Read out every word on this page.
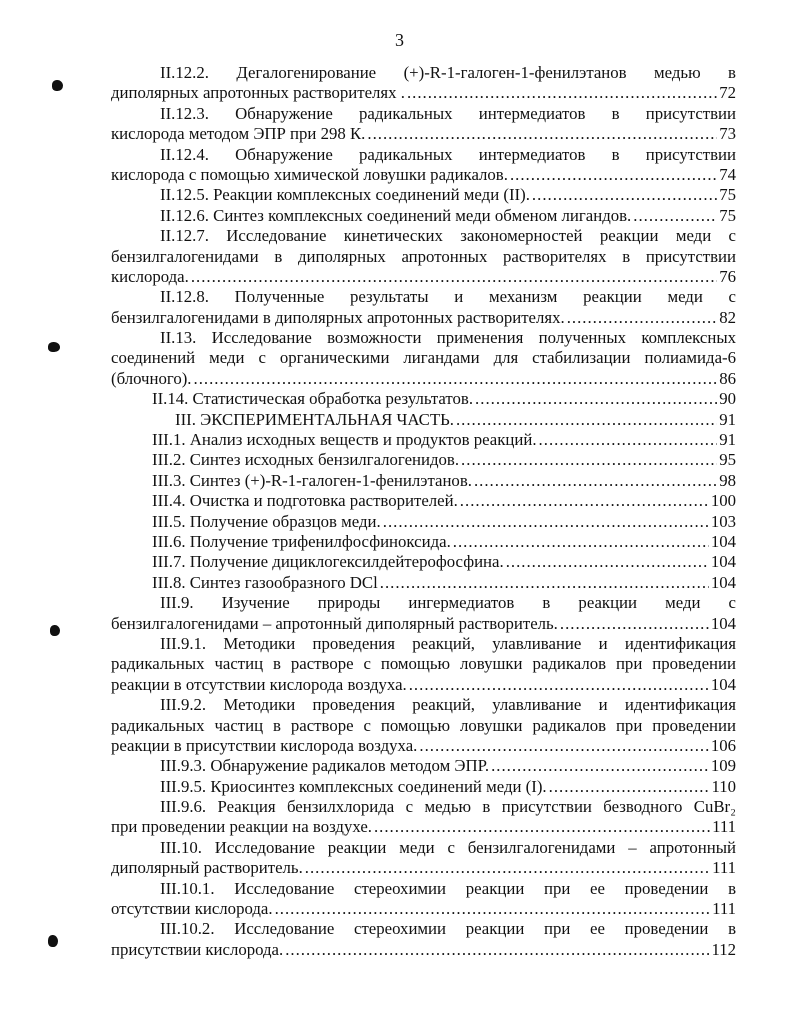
3
II.12.2. Дегалогенирование (+)-R-1-галоген-1-фенилэтанов медью в
диполярных апротонных растворителях . .....	72
II.12.3. Обнаружение радикальных интермедиатов в присутствии
кислорода методом ЭПР при 298 К. .....	73
II.12.4. Обнаружение радикальных интермедиатов в присутствии
кислорода с помощью химической ловушки радикалов. .....	74
II.12.5. Реакции комплексных соединений меди (II). .....	75
II.12.6. Синтез комплексных соединений меди обменом лигандов. .....	75
II.12.7. Исследование кинетических закономерностей реакции меди с
бензилгалогенидами в диполярных апротонных растворителях в присутствии
кислорода. .....	76
II.12.8. Полученные результаты и механизм реакции меди с
бензилгалогенидами в диполярных апротонных растворителях. .....	82
II.13. Исследование возможности применения полученных комплексных
соединений меди с органическими лигандами для стабилизации полиамида-6
(блочного). .....	86
II.14. Статистическая обработка результатов. .....	90
III. ЭКСПЕРИМЕНТАЛЬНАЯ ЧАСТЬ. .....	91
III.1. Анализ исходных веществ и продуктов реакций. .....	91
III.2. Синтез исходных бензилгалогенидов. .....	95
III.3. Синтез (+)-R-1-галоген-1-фенилэтанов. .....	98
III.4. Очистка и подготовка растворителей. .....	100
III.5. Получение образцов меди. .....	103
III.6. Получение трифенилфосфиноксида. .....	104
III.7. Получение дициклогексилдейтерофосфина. .....	104
III.8. Синтез газообразного DCl .....	104
III.9. Изучение природы ингермедиатов в реакции меди с
бензилгалогенидами – апротонный диполярный растворитель. .....	104
III.9.1. Методики проведения реакций, улавливание и идентификация
радикальных частиц в растворе с помощью ловушки радикалов при проведении
реакции в отсутствии кислорода воздуха. .....	104
III.9.2. Методики проведения реакций, улавливание и идентификация
радикальных частиц в растворе с помощью ловушки радикалов при проведении
реакции в присутствии кислорода воздуха. .....	106
III.9.3. Обнаружение радикалов методом ЭПР. .....	109
III.9.5. Криосинтез комплексных соединений меди (I). .....	110
III.9.6. Реакция бензилхлорида с медью в присутствии безводного CuBr₂
при проведении реакции на воздухе. .....	111
III.10. Исследование реакции меди с бензилгалогенидами – апротонный
диполярный растворитель. .....	111
III.10.1. Исследование стереохимии реакции при ее проведении в
отсутствии кислорода. .....	111
III.10.2. Исследование стереохимии реакции при ее проведении в
присутствии кислорода. .....	112
